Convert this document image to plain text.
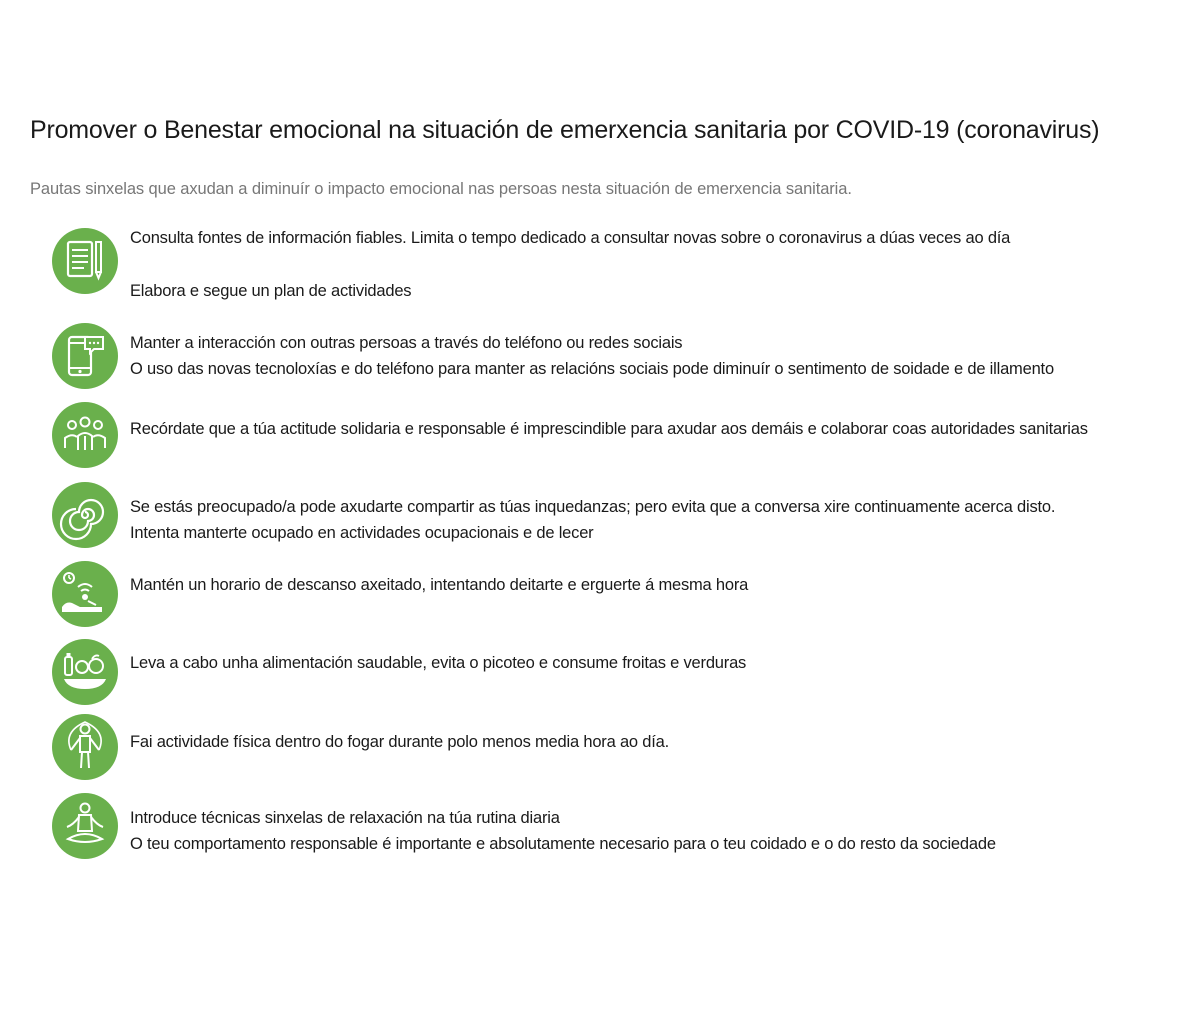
Promover o Benestar emocional na situación de emerxencia sanitaria por COVID-19 (coronavirus)
Pautas sinxelas que axudan a diminuír o impacto emocional nas persoas nesta situación de emerxencia sanitaria.
Consulta fontes de información fiables. Limita o tempo dedicado a consultar novas sobre o coronavirus a dúas veces ao día
Elabora e segue un plan de actividades
Manter a interacción con outras persoas a través do teléfono ou redes sociais
O uso das novas tecnoloxías e do teléfono para manter as relacións sociais pode diminuír o sentimento de soidade e de illamento
Recórdate que a túa actitude solidaria e responsable é imprescindible para axudar aos demáis e colaborar coas autoridades sanitarias
Se estás preocupado/a pode axudarte compartir as túas inquedanzas; pero evita que a conversa xire continuamente acerca disto.
Intenta manterte ocupado en actividades ocupacionais e de lecer
Mantén un horario de descanso axeitado, intentando deitarte e erguerte á mesma hora
Leva a cabo unha alimentación saudable, evita o picoteo e consume froitas e verduras
Fai actividade física dentro do fogar durante polo menos media hora ao día.
Introduce técnicas sinxelas de relaxación na túa rutina diaria
O teu comportamento responsable é importante e absolutamente necesario para o teu coidado e o do resto da sociedade
